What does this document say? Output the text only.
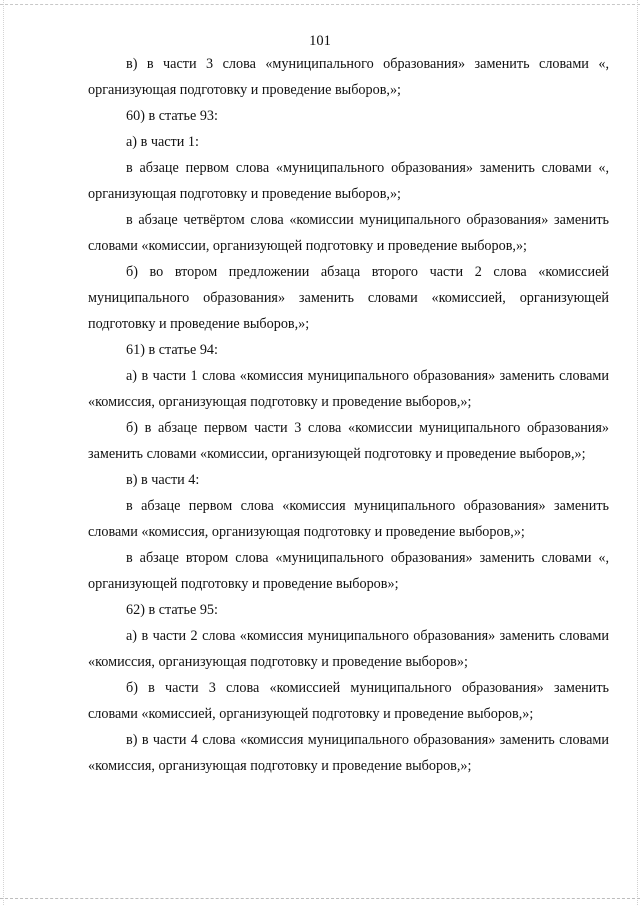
101

в) в части 3 слова «муниципального образования» заменить словами «, организующая подготовку и проведение выборов,»;

60) в статье 93:

а) в части 1:

в абзаце первом слова «муниципального образования» заменить словами «, организующая подготовку и проведение выборов,»;

в абзаце четвёртом слова «комиссии муниципального образования» заменить словами «комиссии, организующей подготовку и проведение выборов,»;

б) во втором предложении абзаца второго части 2 слова «комиссией муниципального образования» заменить словами «комиссией, организующей подготовку и проведение выборов,»;

61) в статье 94:

а) в части 1 слова «комиссия муниципального образования» заменить словами «комиссия, организующая подготовку и проведение выборов,»;

б) в абзаце первом части 3 слова «комиссии муниципального образования» заменить словами «комиссии, организующей подготовку и проведение выборов,»;

в) в части 4:

в абзаце первом слова «комиссия муниципального образования» заменить словами «комиссия, организующая подготовку и проведение выборов,»;

в абзаце втором слова «муниципального образования» заменить словами «, организующей подготовку и проведение выборов»;

62) в статье 95:

а) в части 2 слова «комиссия муниципального образования» заменить словами «комиссия, организующая подготовку и проведение выборов»;

б) в части 3 слова «комиссией муниципального образования» заменить словами «комиссией, организующей подготовку и проведение выборов,»;

в) в части 4 слова «комиссия муниципального образования» заменить словами «комиссия, организующая подготовку и проведение выборов,»;
